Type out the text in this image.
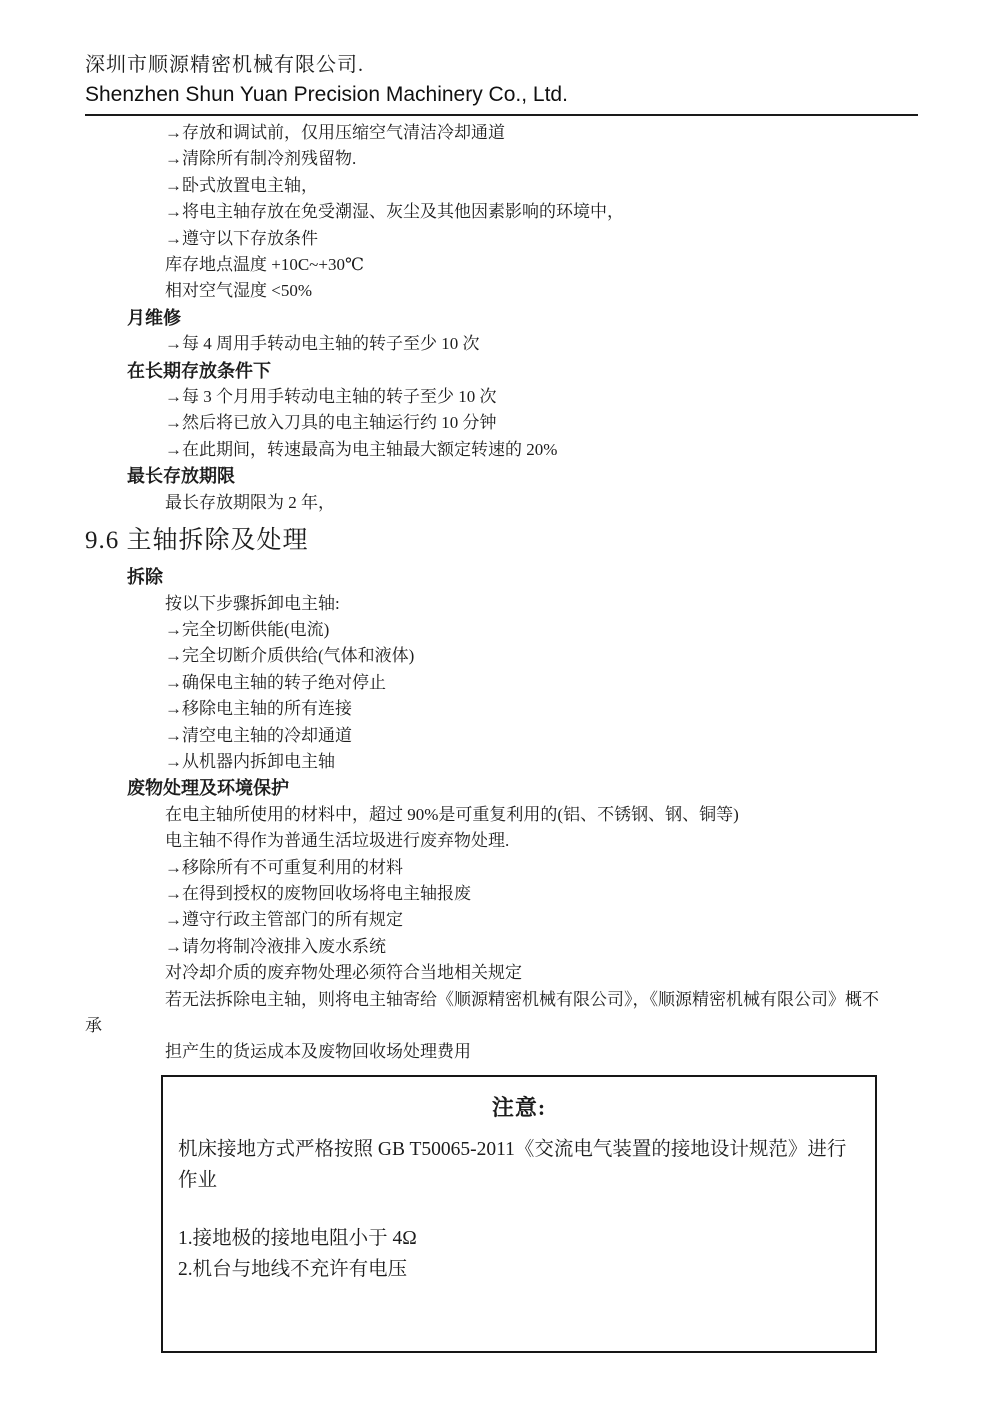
深圳市顺源精密机械有限公司.
Shenzhen Shun Yuan Precision Machinery Co., Ltd.
→存放和调试前，仅用压缩空气清洁冷却通道
→清除所有制冷剂残留物.
→卧式放置电主轴，
→将电主轴存放在免受潮湿、灰尘及其他因素影响的环境中，
→遵守以下存放条件
库存地点温度 +10C~+30℃
相对空气湿度 <50%
月维修
→每 4 周用手转动电主轴的转子至少 10 次
在长期存放条件下
→每 3 个月用手转动电主轴的转子至少 10 次
→然后将已放入刀具的电主轴运行约 10 分钟
→在此期间，转速最高为电主轴最大额定转速的 20%
最长存放期限
最长存放期限为 2 年，
9.6 主轴拆除及处理
拆除
按以下步骤拆卸电主轴:
→完全切断供能(电流)
→完全切断介质供给(气体和液体)
→确保电主轴的转子绝对停止
→移除电主轴的所有连接
→清空电主轴的冷却通道
→从机器内拆卸电主轴
废物处理及环境保护
在电主轴所使用的材料中，超过 90%是可重复利用的(铝、不锈钢、钢、铜等)
电主轴不得作为普通生活垃圾进行废弃物处理.
→移除所有不可重复利用的材料
→在得到授权的废物回收场将电主轴报废
→遵守行政主管部门的所有规定
→请勿将制冷液排入废水系统
对冷却介质的废弃物处理必须符合当地相关规定
若无法拆除电主轴，则将电主轴寄给《顺源精密机械有限公司》，《顺源精密机械有限公司》概不
承
担产生的货运成本及废物回收场处理费用
注意:
机床接地方式严格按照 GB T50065-2011《交流电气装置的接地设计规范》进行
作业
1.接地极的接地电阻小于 4Ω
2.机台与地线不充许有电压
